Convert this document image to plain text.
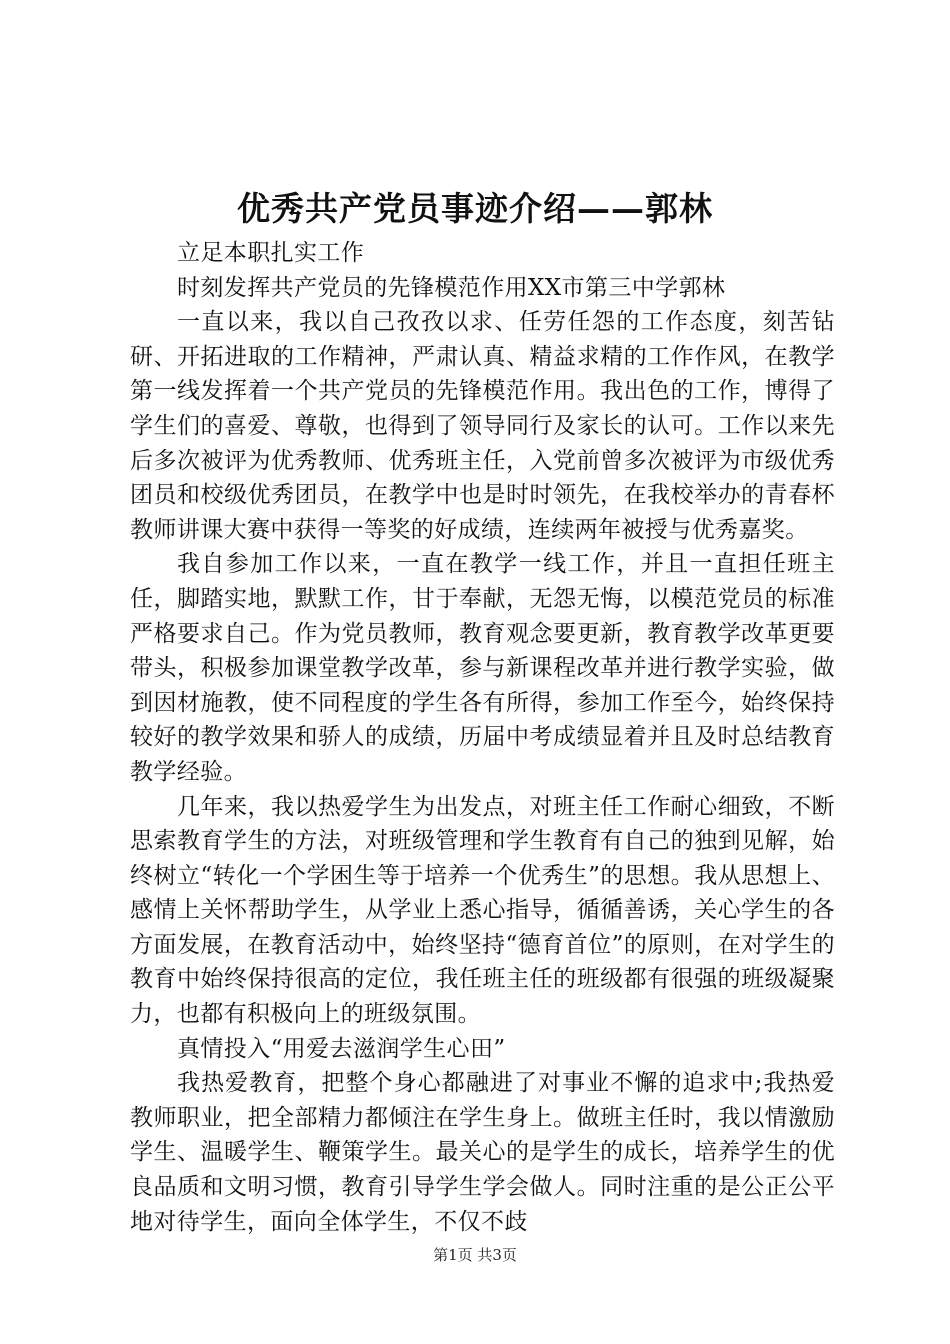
优秀共产党员事迹介绍——郭林

立足本职扎实工作

时刻发挥共产党员的先锋模范作用XX市第三中学郭林

一直以来，我以自己孜孜以求、任劳任怨的工作态度，刻苦钻研、开拓进取的工作精神，严肃认真、精益求精的工作作风，在教学第一线发挥着一个共产党员的先锋模范作用。我出色的工作，博得了学生们的喜爱、尊敬，也得到了领导同行及家长的认可。工作以来先后多次被评为优秀教师、优秀班主任，入党前曾多次被评为市级优秀团员和校级优秀团员，在教学中也是时时领先，在我校举办的青春杯教师讲课大赛中获得一等奖的好成绩，连续两年被授与优秀嘉奖。

我自参加工作以来，一直在教学一线工作，并且一直担任班主任，脚踏实地，默默工作，甘于奉献，无怨无悔，以模范党员的标准严格要求自己。作为党员教师，教育观念要更新，教育教学改革更要带头，积极参加课堂教学改革，参与新课程改革并进行教学实验，做到因材施教，使不同程度的学生各有所得，参加工作至今，始终保持较好的教学效果和骄人的成绩，历届中考成绩显着并且及时总结教育教学经验。

几年来，我以热爱学生为出发点，对班主任工作耐心细致，不断思索教育学生的方法，对班级管理和学生教育有自己的独到见解，始终树立“转化一个学困生等于培养一个优秀生”的思想。我从思想上、感情上关怀帮助学生，从学业上悉心指导，循循善诱，关心学生的各方面发展，在教育活动中，始终坚持“德育首位”的原则，在对学生的教育中始终保持很高的定位，我任班主任的班级都有很强的班级凝聚力，也都有积极向上的班级氛围。

真情投入“用爱去滋润学生心田”

我热爱教育，把整个身心都融进了对事业不懈的追求中;我热爱教师职业，把全部精力都倾注在学生身上。做班主任时，我以情激励学生、温暖学生、鞭策学生。最关心的是学生的成长，培养学生的优良品质和文明习惯，教育引导学生学会做人。同时注重的是公正公平地对待学生，面向全体学生，不仅不歧

第1页 共3页
